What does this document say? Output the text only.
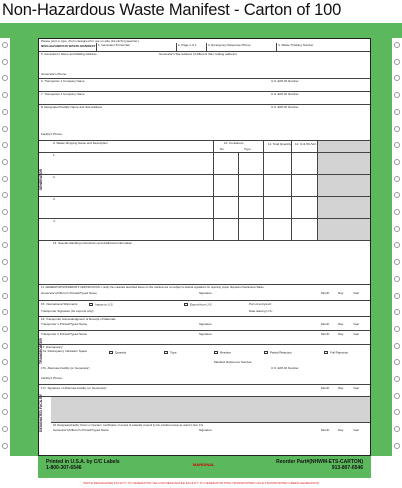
Non-Hazardous Waste Manifest - Carton of 100
Please print or type. (Form designed for use on elite (12-pitch) typewriter.)
NON-HAZARDOUS WASTE MANIFEST 1. Generator ID Number	2. Page 1 of 1	3. Emergency Response Phone	4. Waste Tracking Number
5. Generator's Name and Mailing Address	Generator's Site Address (if different than mailing address)
Generator's Phone:
6. Transporter 1 Company Name	U.S. EPA ID Number
7. Transporter 2 Company Name	U.S. EPA ID Number
8. Designated Facility Name and Site Address	U.S. EPA ID Number
Facility's Phone:
9. Waste Shipping Name and Description	10. Containers
No.	Type
11. Total Quantity 12. Unit Wt./Vol.
1.
2.
3.
4.
13. Special Handling Instructions and Additional Information
GENERATOR
TRANSPORTER
DESIGNATED FACILITY
14. GENERATOR'S/OFFEROR'S CERTIFICATION: I certify the materials described above on this manifest are not subject to federal regulations for reporting proper disposal of Hazardous Waste.
Generator's/Offeror's Printed/Typed Name	Signature	Month	Day	Year
15. International Shipments	Import to U.S.	Export from U.S.	Port of entry/exit:
Date leaving U.S.:
Transporter Signature (for exports only):
16. Transporter Acknowledgment of Receipt of Materials
Transporter 1 Printed/Typed Name	Signature	Month	Day	Year
Transporter 2 Printed/Typed Name	Signature	Month	Day	Year
17. Discrepancy
17a. Discrepancy Indication Space	Quantity	Type	Residue	Partial Rejection	Full Rejection
Manifest Reference Number:
17b. Alternate Facility (or Generator)	U.S. EPA ID Number
Facility's Phone:
17c. Signature of Alternate Facility (or Generator)	Month	Day	Year
18. Designated Facility Owner or Operator: Certification of receipt of materials covered by the manifest except as noted in Item 17a
Generator's/Offeror's Printed/Typed Name	Signature	Month	Day	Year
Printed in U.S.A. by C/C Labels
1-800-307-6546	MARGINAL	Reorder Part#(NHWM-ETS-CARTON)
913-807-6546
WHITE-DESIGNATED FACILITY TO GENERATOR YELLOW-DESIGNATED FACILITY TO GENERATOR PINK-TRANSPORTER GOLD-TRANSPORTER GREEN-GENERATOR
